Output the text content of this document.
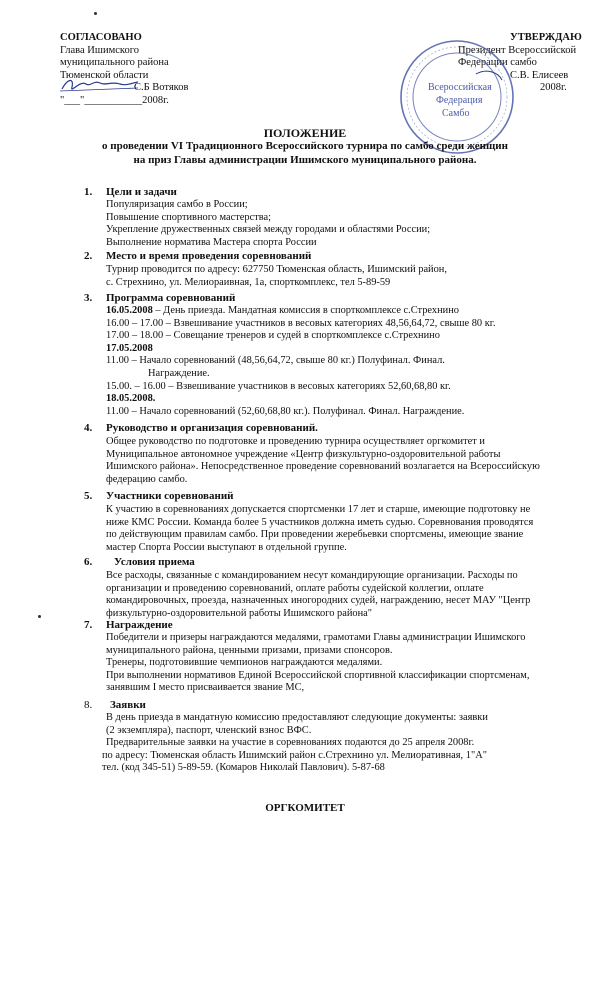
СОГЛАСОВАНО
Глава Ишимского
муниципального района
Тюменской области
С.Б Вотяков
"___"___________2008г.
УТВЕРЖДАЮ
Президент Всероссийской
Федерации самбо
С.В. Елисеев
2008г.
Всероссийская
Федерация
Самбо
ПОЛОЖЕНИЕ
о проведении VI Традиционного Всероссийского турнира по самбо среди женщин
на приз Главы администрации Ишимского муниципального района.
1. Цели и задачи
Популяризация самбо в России;
Повышение спортивного мастерства;
Укрепление дружественных связей между городами и областями России;
Выполнение норматива Мастера спорта России
2. Место и время проведения соревнований
Турнир проводится по адресу: 627750 Тюменская область, Ишимский район,
с. Стрехнино, ул. Мелиораивная, 1а, спорткомплекс, тел 5-89-59
3. Программа соревнований
16.05.2008 – День приезда. Мандатная комиссия в спорткомплексе с.Стрехнино
16.00 – 17.00 – Взвешивание участников в весовых категориях 48,56,64,72, свыше 80 кг.
17.00 – 18.00 – Совещание тренеров и судей в спорткомплексе с.Стрехнино
17.05.2008
11.00 – Начало соревнований (48,56,64,72, свыше 80 кг.) Полуфинал. Финал.
Награждение.
15.00. – 16.00 – Взвешивание участников в весовых категориях 52,60,68,80 кг.
18.05.2008.
11.00 – Начало соревнований (52,60,68,80 кг.). Полуфинал. Финал. Награждение.
4. Руководство и организация соревнований.
Общее руководство по подготовке и проведению турнира осуществляет оргкомитет и
Муниципальное автономное учреждение «Центр физкультурно-оздоровительной работы
Ишимского района». Непосредственное проведение соревнований возлагается на Всероссийскую
федерацию самбо.
5. Участники соревнований
К участию в соревнованиях допускается спортсменки 17 лет и старше, имеющие подготовку не
ниже КМС России. Команда более 5 участников должна иметь судью. Соревнования проводятся
по действующим правилам самбо. При проведении жеребьевки спортсмены, имеющие звание
мастер Спорта России выступают в отдельной группе.
6. Условия приема
Все расходы, связанные с командированием несут командирующие организации. Расходы по
организации и проведению соревнований, оплате работы судейской коллегии, оплате
командировочных, проезда, назначенных иногородних судей, награждению, несет МАУ "Центр
физкультурно-оздоровительной работы Ишимского района"
7. Награждение
Победители и призеры награждаются медалями, грамотами Главы администрации Ишимского
муниципального района, ценными призами, призами спонсоров.
Тренеры, подготовившие чемпионов награждаются медалями.
При выполнении нормативов Единой Всероссийской спортивной классификации спортсменам,
занявшим I место присваивается звание МС,
8. Заявки
В день приезда в мандатную комиссию предоставляют следующие документы: заявки
(2 экземпляра), паспорт, членский взнос ВФС.
Предварительные заявки на участие в соревнованиях подаются до 25 апреля 2008г.
по адресу: Тюменская область Ишимский район с.Стрехнино ул. Мелиоративная, 1"А"
тел. (код 345-51) 5-89-59. (Комаров Николай Павлович). 5-87-68
ОРГКОМИТЕТ
